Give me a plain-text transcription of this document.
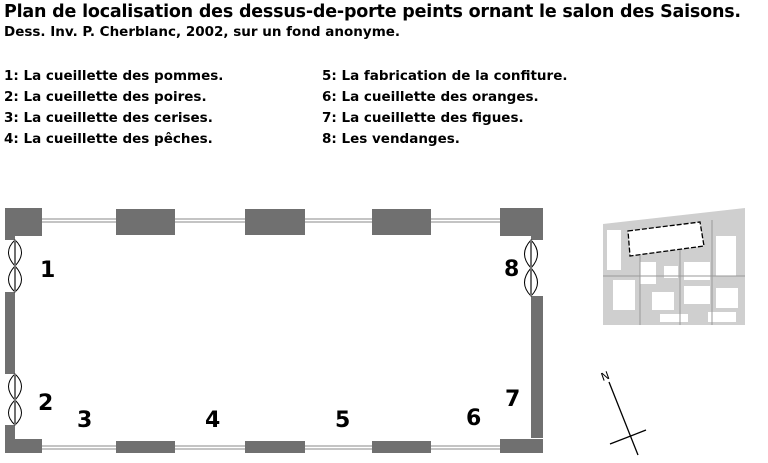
Plan de localisation des dessus-de-porte peints ornant le salon des Saisons.
Dess. Inv. P. Cherblanc, 2002, sur un fond anonyme.
1: La cueillette des pommes.
2: La cueillette des poires.
3: La cueillette des cerises.
4: La cueillette des pêches.
5: La fabrication de la confiture.
6: La cueillette des oranges.
7: La cueillette des figues.
8: Les vendanges.
1
2
3	4	5	6
7
8
N
